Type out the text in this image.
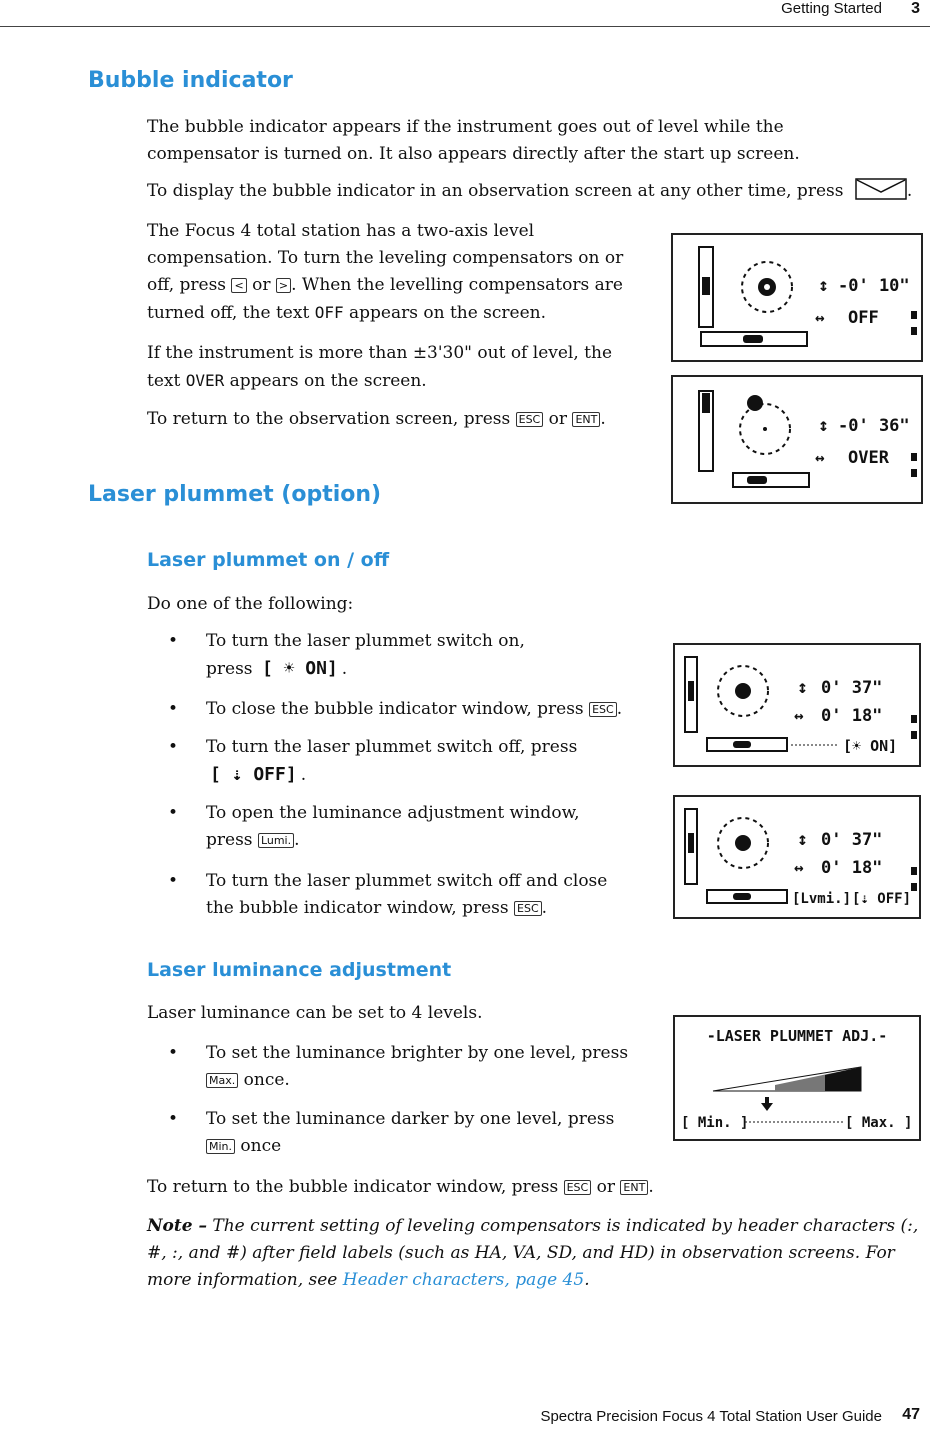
Getting Started 3
Bubble indicator
The bubble indicator appears if the instrument goes out of level while the
compensator is turned on. It also appears directly after the start up screen.
To display the bubble indicator in an observation screen at any other time, press	.
The Focus 4 total station has a two-axis level
compensation. To turn the leveling compensators on or
off, press < or > . When the levelling compensators are
turned off, the text OFF appears on the screen.
If the instrument is more than ±3'30" out of level, the
text OVER appears on the screen.
To return to the observation screen, press ESC or ENT .
↕ -0' 10"
↔ OFF
↕ -0' 36"
↔ OVER
Laser plummet (option)
Laser plummet on / off
Do one of the following:
• To turn the laser plummet switch on,
press [ ☀ ON] .
• To close the bubble indicator window, press ESC .
• To turn the laser plummet switch off, press
[ ⇣ OFF] .
• To open the luminance adjustment window,
press Lumi. .
• To turn the laser plummet switch off and close
the bubble indicator window, press ESC .
↕ 0' 37"
↔ 0' 18"
[☀ ON]
↕ 0' 37"
↔ 0' 18"
[Lvmi.] [⇣ OFF]
Laser luminance adjustment
Laser luminance can be set to 4 levels.
• To set the luminance brighter by one level, press
Max. once.
• To set the luminance darker by one level, press
Min. once
-LASER PLUMMET ADJ.-
[ Min. ]	[ Max. ]
To return to the bubble indicator window, press ESC or ENT .
Note – The current setting of leveling compensators is indicated by header characters (:, #, :, and #) after field labels (such as HA, VA, SD, and HD) in observation screens. For more information, see Header characters, page 45.
Spectra Precision Focus 4 Total Station User Guide 47
